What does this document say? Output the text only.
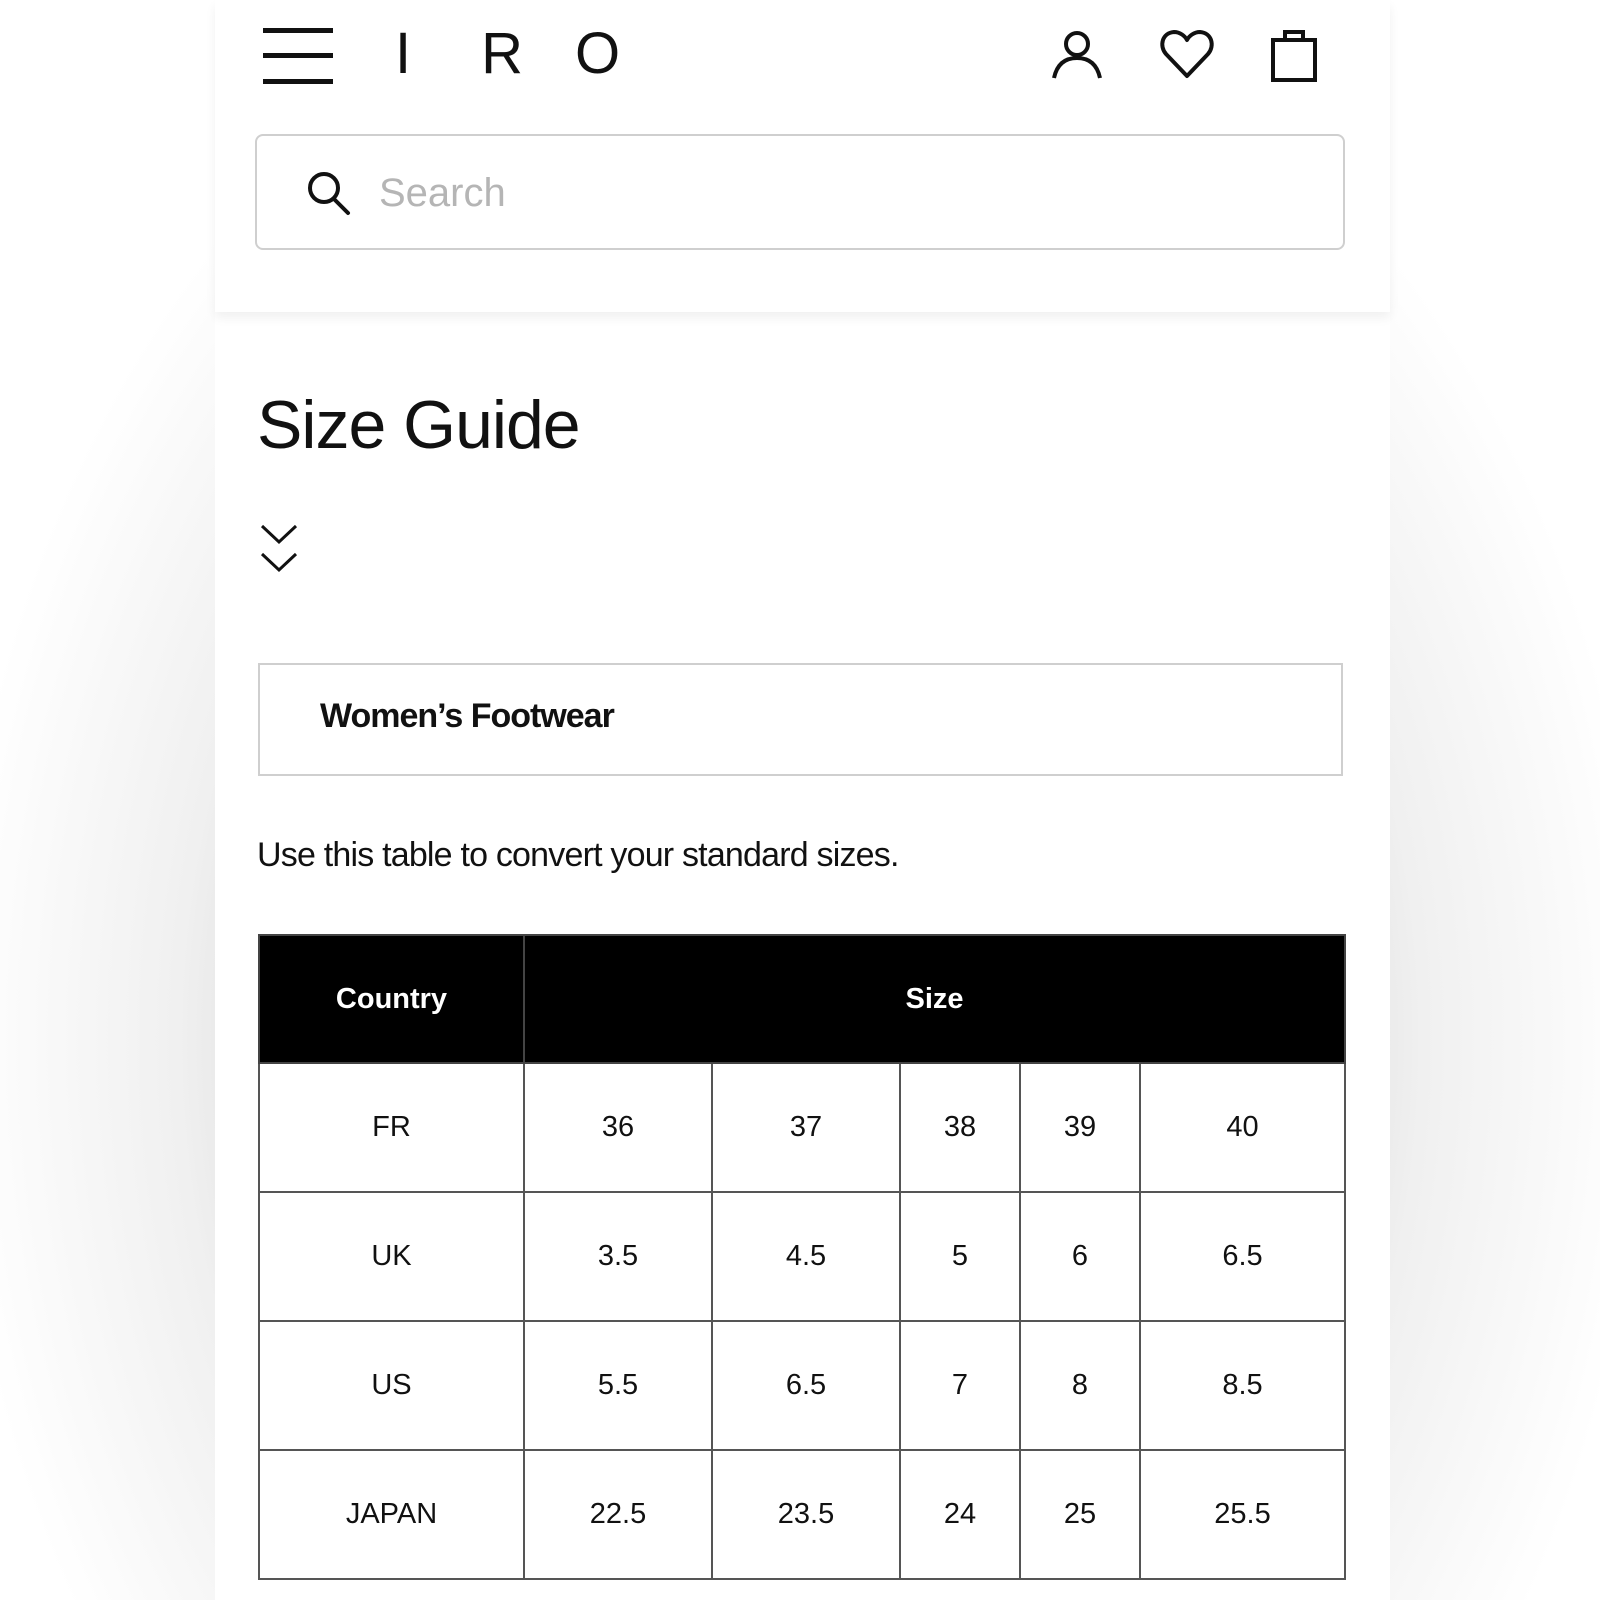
I R O
Search
Size Guide
Women’s Footwear
Use this table to convert your standard sizes.
Country	Size				
FR	36	37	38	39	40
UK	3.5	4.5	5	6	6.5
US	5.5	6.5	7	8	8.5
JAPAN	22.5	23.5	24	25	25.5
